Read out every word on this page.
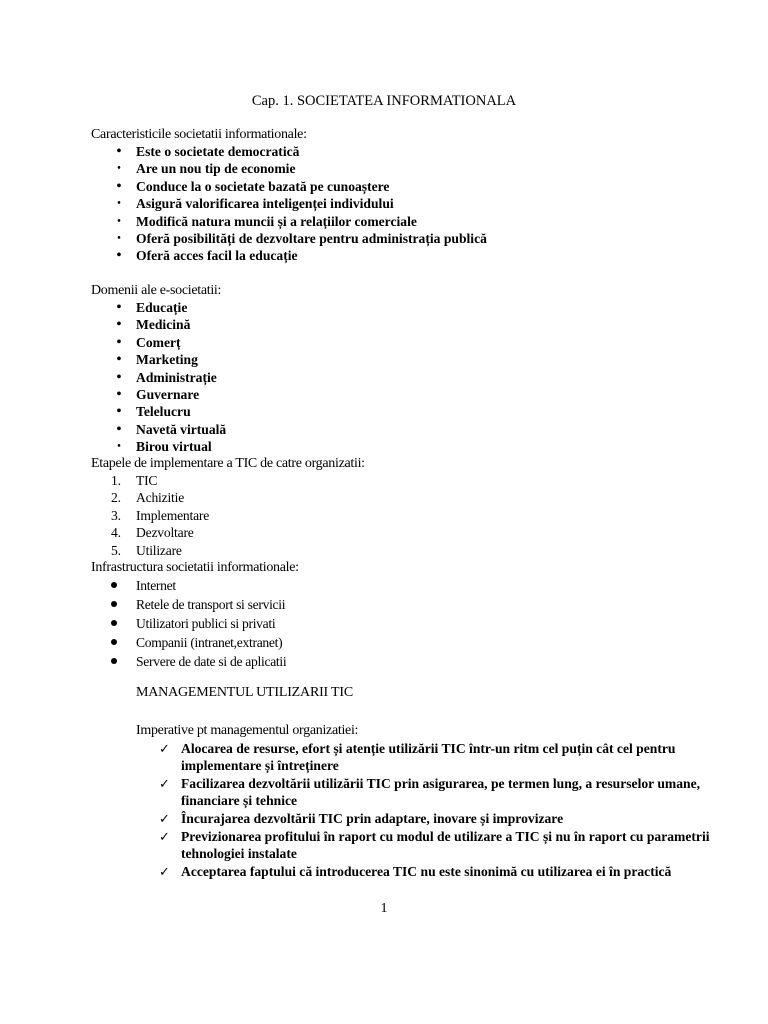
Cap. 1. SOCIETATEA INFORMATIONALA
Caracteristicile societatii informationale:
• Este o societate democratică
• Are un nou tip de economie
• Conduce la o societate bazată pe cunoaștere
• Asigură valorificarea inteligenței individului
• Modifică natura muncii și a relațiilor comerciale
• Oferă posibilități de dezvoltare pentru administrația publică
• Oferă acces facil la educație
Domenii ale e-societatii:
• Educație
• Medicină
• Comerț
• Marketing
• Administrație
• Guvernare
• Telelucru
• Navetă virtuală
• Birou virtual
Etapele de implementare a TIC de catre organizatii:
1. TIC
2. Achizitie
3. Implementare
4. Dezvoltare
5. Utilizare
Infrastructura societatii informationale:
Internet
Retele de transport si servicii
Utilizatori publici si privati
Companii (intranet,extranet)
Servere de date si de aplicatii
MANAGEMENTUL UTILIZARII TIC
Imperative pt managementul organizatiei:
✓ Alocarea de resurse, efort și atenție utilizării TIC într-un ritm cel puțin cât cel pentru implementare și întreținere
✓ Facilizarea dezvoltării utilizării TIC prin asigurarea, pe termen lung, a resurselor umane, financiare și tehnice
✓ Încurajarea dezvoltării TIC prin adaptare, inovare și improvizare
✓ Previzionarea profitului în raport cu modul de utilizare a TIC și nu în raport cu parametrii tehnologiei instalate
✓ Acceptarea faptului că introducerea TIC nu este sinonimă cu utilizarea ei în practică
1
